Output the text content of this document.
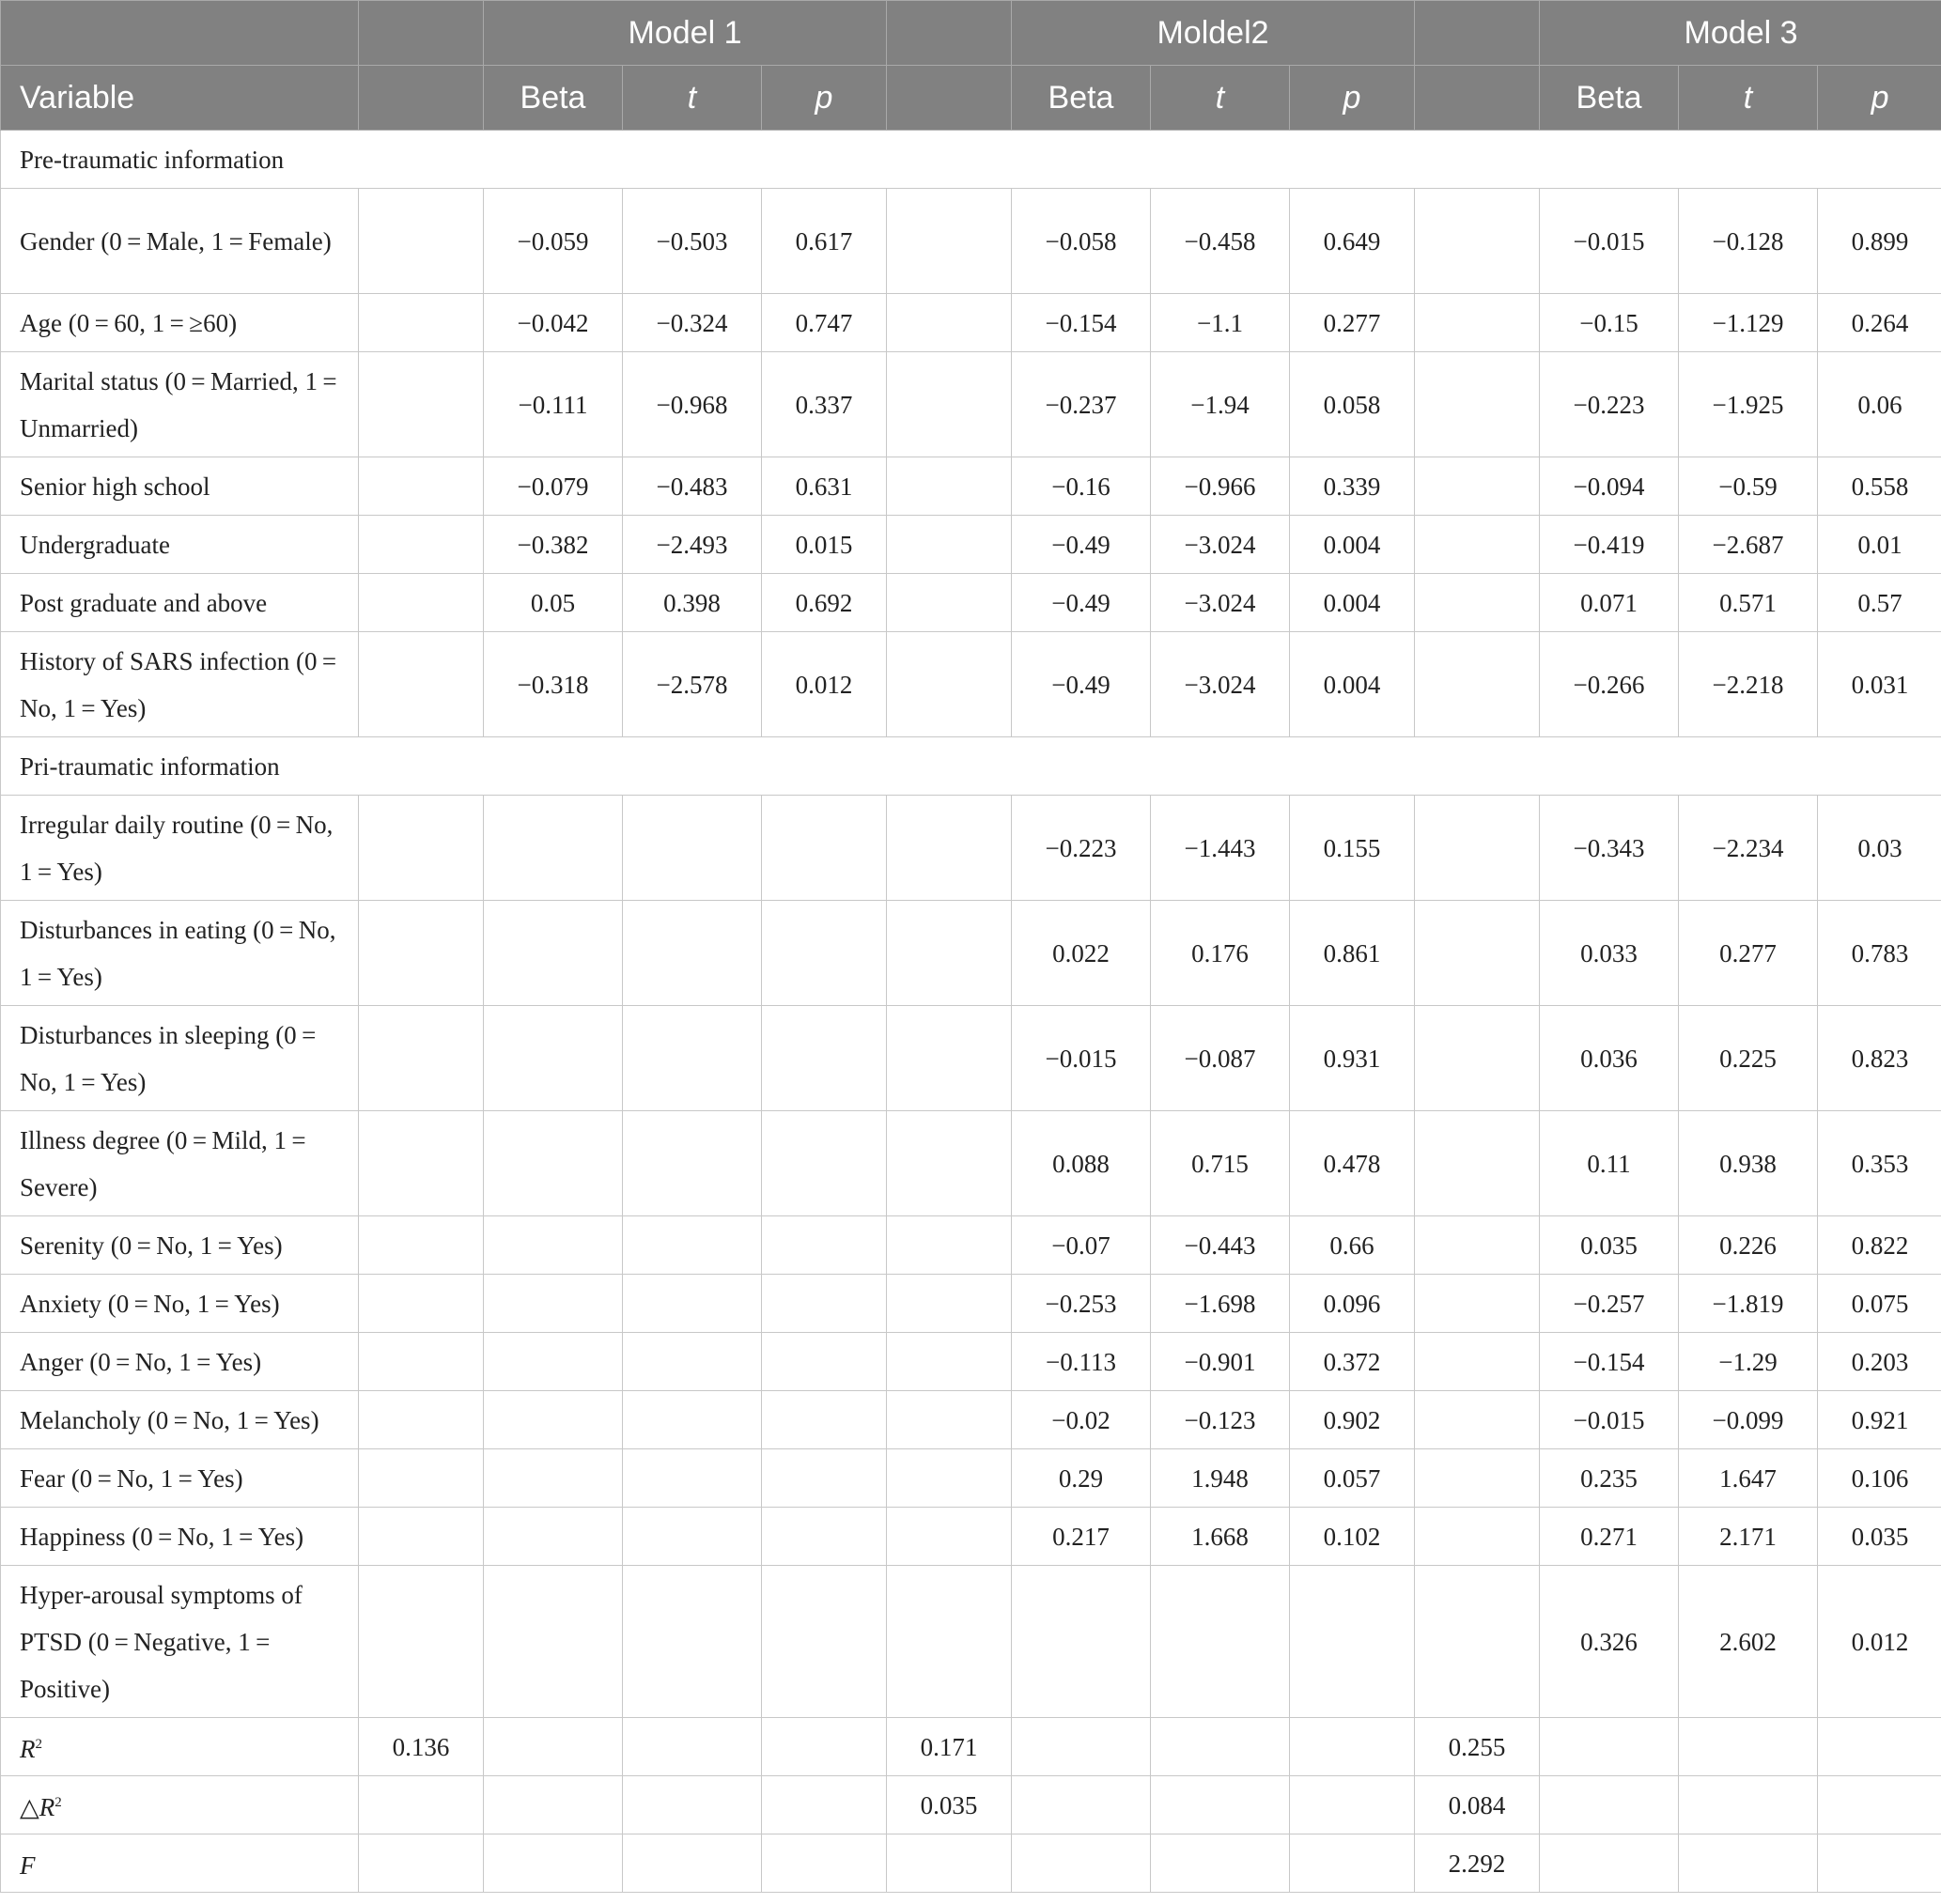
		Model 1				Moldel2				Model 3		
Variable		Beta	t	p		Beta	t	p		Beta	t	p
Pre-traumatic information												
Gender (0 = Male, 1 = Female)		−0.059	−0.503	0.617		−0.058	−0.458	0.649		−0.015	−0.128	0.899
Age (0 = 60, 1 = ≥60)		−0.042	−0.324	0.747		−0.154	−1.1	0.277		−0.15	−1.129	0.264
Marital status (0 = Married, 1 = Unmarried)		−0.111	−0.968	0.337		−0.237	−1.94	0.058		−0.223	−1.925	0.06
Senior high school		−0.079	−0.483	0.631		−0.16	−0.966	0.339		−0.094	−0.59	0.558
Undergraduate		−0.382	−2.493	0.015		−0.49	−3.024	0.004		−0.419	−2.687	0.01
Post graduate and above		0.05	0.398	0.692		−0.49	−3.024	0.004		0.071	0.571	0.57
History of SARS infection (0 = No, 1 = Yes)		−0.318	−2.578	0.012		−0.49	−3.024	0.004		−0.266	−2.218	0.031
Pri-traumatic information												
Irregular daily routine (0 = No, 1 = Yes)						−0.223	−1.443	0.155		−0.343	−2.234	0.03
Disturbances in eating (0 = No, 1 = Yes)						0.022	0.176	0.861		0.033	0.277	0.783
Disturbances in sleeping (0 = No, 1 = Yes)						−0.015	−0.087	0.931		0.036	0.225	0.823
Illness degree (0 = Mild, 1 = Severe)						0.088	0.715	0.478		0.11	0.938	0.353
Serenity (0 = No, 1 = Yes)						−0.07	−0.443	0.66		0.035	0.226	0.822
Anxiety (0 = No, 1 = Yes)						−0.253	−1.698	0.096		−0.257	−1.819	0.075
Anger (0 = No, 1 = Yes)						−0.113	−0.901	0.372		−0.154	−1.29	0.203
Melancholy (0 = No, 1 = Yes)						−0.02	−0.123	0.902		−0.015	−0.099	0.921
Fear (0 = No, 1 = Yes)						0.29	1.948	0.057		0.235	1.647	0.106
Happiness (0 = No, 1 = Yes)						0.217	1.668	0.102		0.271	2.171	0.035
Hyper-arousal symptoms of PTSD (0 = Negative, 1 = Positive)										0.326	2.602	0.012
$R^2$	0.136				0.171				0.255			
$\triangle R^2$					0.035				0.084			
F									2.292			
